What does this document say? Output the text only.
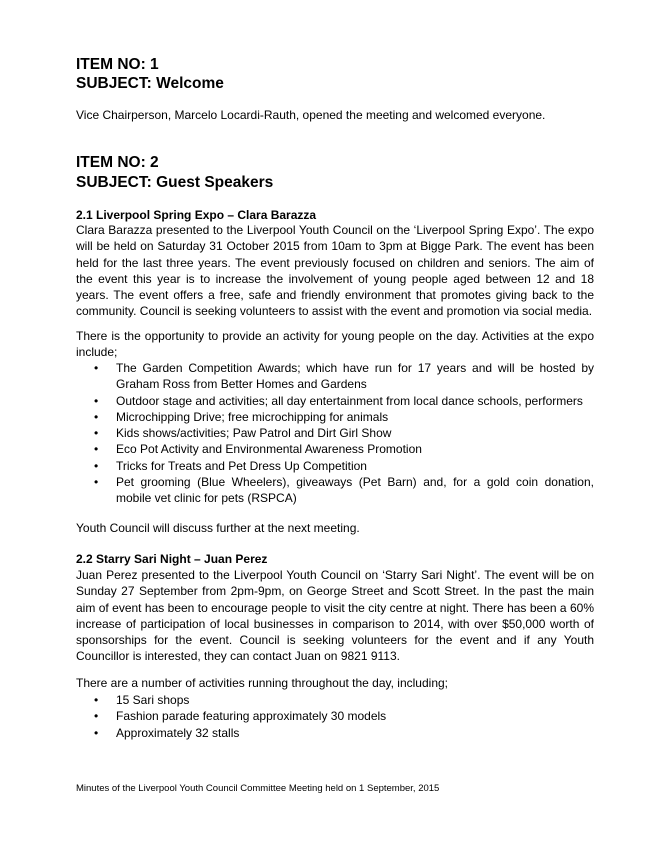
ITEM NO: 1
SUBJECT: Welcome

Vice Chairperson, Marcelo Locardi-Rauth, opened the meeting and welcomed everyone.

ITEM NO: 2
SUBJECT: Guest Speakers

2.1 Liverpool Spring Expo – Clara Barazza

Clara Barazza presented to the Liverpool Youth Council on the ‘Liverpool Spring Expo’. The expo will be held on Saturday 31 October 2015 from 10am to 3pm at Bigge Park. The event has been held for the last three years. The event previously focused on children and seniors. The aim of the event this year is to increase the involvement of young people aged between 12 and 18 years. The event offers a free, safe and friendly environment that promotes giving back to the community. Council is seeking volunteers to assist with the event and promotion via social media.

There is the opportunity to provide an activity for young people on the day. Activities at the expo include;

• The Garden Competition Awards; which have run for 17 years and will be hosted by Graham Ross from Better Homes and Gardens
• Outdoor stage and activities; all day entertainment from local dance schools, performers
• Microchipping Drive; free microchipping for animals
• Kids shows/activities; Paw Patrol and Dirt Girl Show
• Eco Pot Activity and Environmental Awareness Promotion
• Tricks for Treats and Pet Dress Up Competition
• Pet grooming (Blue Wheelers), giveaways (Pet Barn) and, for a gold coin donation, mobile vet clinic for pets (RSPCA)

Youth Council will discuss further at the next meeting.

2.2 Starry Sari Night – Juan Perez

Juan Perez presented to the Liverpool Youth Council on ‘Starry Sari Night’. The event will be on Sunday 27 September from 2pm-9pm, on George Street and Scott Street. In the past the main aim of event has been to encourage people to visit the city centre at night. There has been a 60% increase of participation of local businesses in comparison to 2014, with over $50,000 worth of sponsorships for the event. Council is seeking volunteers for the event and if any Youth Councillor is interested, they can contact Juan on 9821 9113.

There are a number of activities running throughout the day, including;

• 15 Sari shops
• Fashion parade featuring approximately 30 models
• Approximately 32 stalls

Minutes of the Liverpool Youth Council Committee Meeting held on 1 September, 2015
